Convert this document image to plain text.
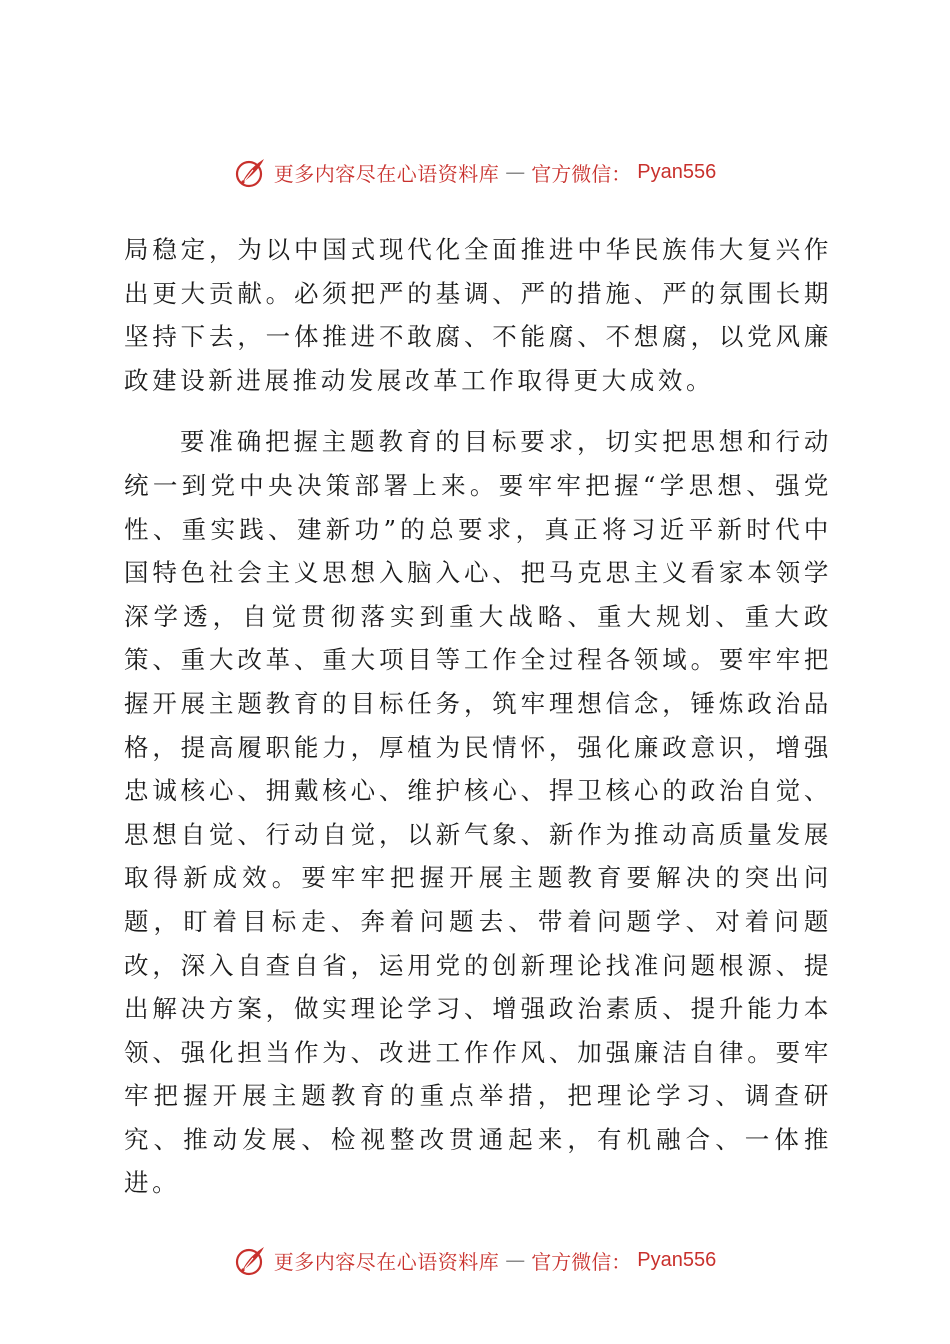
更多内容尽在心语资料库 — 官方微信： Pyan556

局稳定，为以中国式现代化全面推进中华民族伟大复兴作出更大贡献。必须把严的基调、严的措施、严的氛围长期坚持下去，一体推进不敢腐、不能腐、不想腐，以党风廉政建设新进展推动发展改革工作取得更大成效。

要准确把握主题教育的目标要求，切实把思想和行动统一到党中央决策部署上来。要牢牢把握“学思想、强党性、重实践、建新功”的总要求，真正将习近平新时代中国特色社会主义思想入脑入心、把马克思主义看家本领学深学透，自觉贯彻落实到重大战略、重大规划、重大政策、重大改革、重大项目等工作全过程各领域。要牢牢把握开展主题教育的目标任务，筑牢理想信念，锤炼政治品格，提高履职能力，厚植为民情怀，强化廉政意识，增强忠诚核心、拥戴核心、维护核心、捍卫核心的政治自觉、思想自觉、行动自觉，以新气象、新作为推动高质量发展取得新成效。要牢牢把握开展主题教育要解决的突出问题，盯着目标走、奔着问题去、带着问题学、对着问题改，深入自查自省，运用党的创新理论找准问题根源、提出解决方案，做实理论学习、增强政治素质、提升能力本领、强化担当作为、改进工作作风、加强廉洁自律。要牢牢把握开展主题教育的重点举措，把理论学习、调查研究、推动发展、检视整改贯通起来，有机融合、一体推进。

更多内容尽在心语资料库 — 官方微信： Pyan556
